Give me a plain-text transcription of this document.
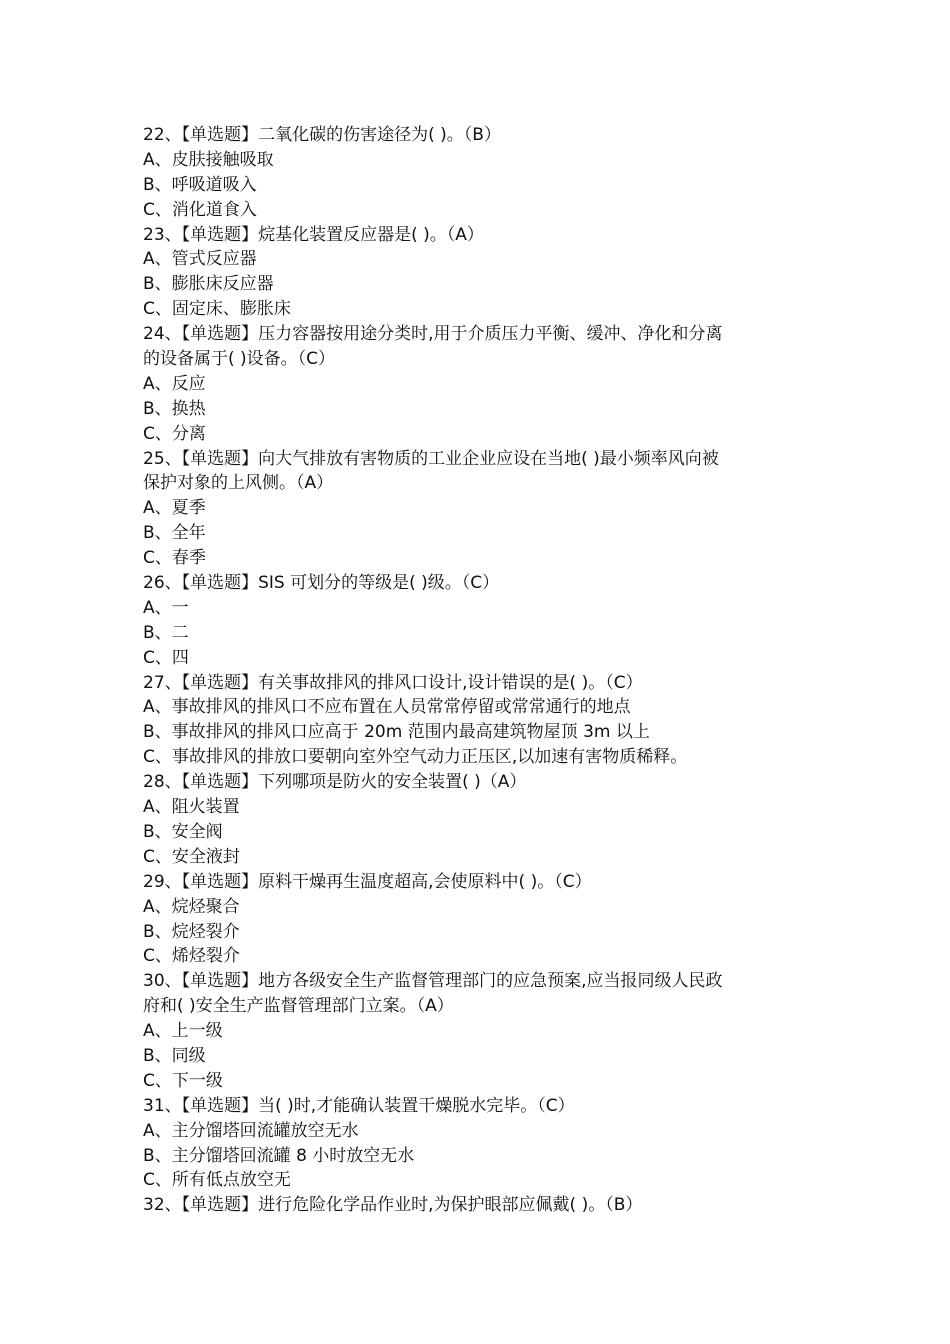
22、【单选题】二氧化碳的伤害途径为( )。（B）

A、皮肤接触吸取

B、呼吸道吸入

C、消化道食入

23、【单选题】烷基化装置反应器是( )。（A）

A、管式反应器

B、膨胀床反应器

C、固定床、膨胀床

24、【单选题】压力容器按用途分类时,用于介质压力平衡、缓冲、净化和分离

的设备属于( )设备。（C）

A、反应

B、换热

C、分离

25、【单选题】向大气排放有害物质的工业企业应设在当地( )最小频率风向被

保护对象的上风侧。（A）

A、夏季

B、全年

C、春季

26、【单选题】SIS 可划分的等级是( )级。（C）

A、一

B、二

C、四

27、【单选题】有关事故排风的排风口设计,设计错误的是( )。（C）

A、事故排风的排风口不应布置在人员常常停留或常常通行的地点

B、事故排风的排风口应高于 20m 范围内最高建筑物屋顶 3m 以上

C、事故排风的排放口要朝向室外空气动力正压区,以加速有害物质稀释。

28、【单选题】下列哪项是防火的安全装置( )（A）

A、阻火装置

B、安全阀

C、安全液封

29、【单选题】原料干燥再生温度超高,会使原料中( )。（C）

A、烷烃聚合

B、烷烃裂介

C、烯烃裂介

30、【单选题】地方各级安全生产监督管理部门的应急预案,应当报同级人民政

府和( )安全生产监督管理部门立案。（A）

A、上一级

B、同级

C、下一级

31、【单选题】当( )时,才能确认装置干燥脱水完毕。（C）

A、主分馏塔回流罐放空无水

B、主分馏塔回流罐 8 小时放空无水

C、所有低点放空无

32、【单选题】进行危险化学品作业时,为保护眼部应佩戴( )。（B）
